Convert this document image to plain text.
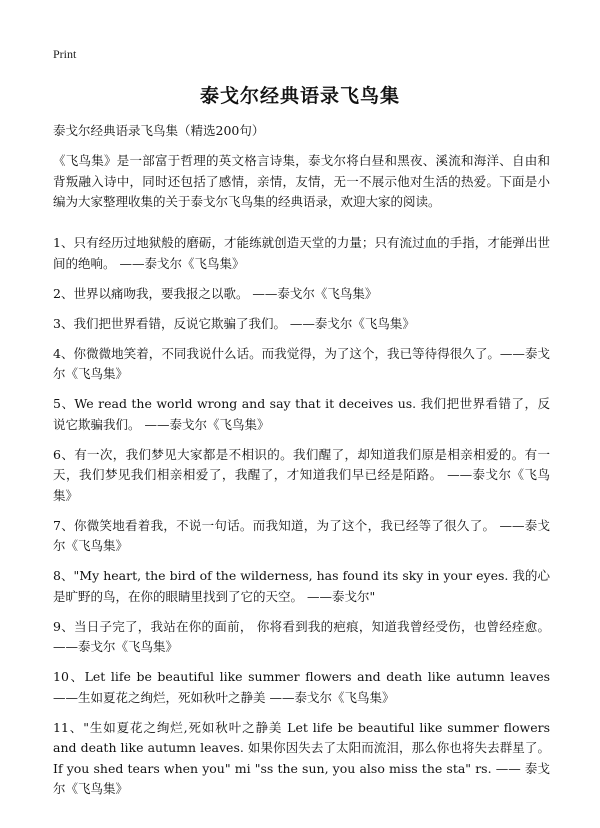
Print
泰戈尔经典语录飞鸟集
泰戈尔经典语录飞鸟集（精选200句）
《飞鸟集》是一部富于哲理的英文格言诗集，泰戈尔将白昼和黑夜、溪流和海洋、自由和背叛融入诗中，同时还包括了感情，亲情，友情，无一不展示他对生活的热爱。下面是小编为大家整理收集的关于泰戈尔飞鸟集的经典语录，欢迎大家的阅读。

1、只有经历过地狱般的磨砺，才能练就创造天堂的力量；只有流过血的手指，才能弹出世间的绝响。 ——泰戈尔《飞鸟集》

2、世界以痛吻我，要我报之以歌。 ——泰戈尔《飞鸟集》

3、我们把世界看错，反说它欺骗了我们。 ——泰戈尔《飞鸟集》

4、你微微地笑着，不同我说什么话。而我觉得，为了这个，我已等待得很久了。——泰戈尔《飞鸟集》

5、We read the world wrong and say that it deceives us. 我们把世界看错了，反说它欺骗我们。 ——泰戈尔《飞鸟集》

6、有一次，我们梦见大家都是不相识的。我们醒了，却知道我们原是相亲相爱的。有一天，我们梦见我们相亲相爱了，我醒了，才知道我们早已经是陌路。 ——泰戈尔《飞鸟集》

7、你微笑地看着我，不说一句话。而我知道，为了这个，我已经等了很久了。 ——泰戈尔《飞鸟集》

8、"My heart, the bird of the wilderness, has found its sky in your eyes. 我的心是旷野的鸟，在你的眼睛里找到了它的天空。 ——泰戈尔"

9、当日子完了，我站在你的面前， 你将看到我的疤痕，知道我曾经受伤，也曾经痊愈。 ——泰戈尔《飞鸟集》

10、Let life be beautiful like summer flowers and death like autumn leaves——生如夏花之绚烂，死如秋叶之静美 ——泰戈尔《飞鸟集》

11、"生如夏花之绚烂,死如秋叶之静美 Let life be beautiful like summer flowers and death like autumn leaves. 如果你因失去了太阳而流泪，那么你也将失去群星了。 If you shed tears when you" mi "ss the sun, you also miss the sta" rs. —— 泰戈尔《飞鸟集》
